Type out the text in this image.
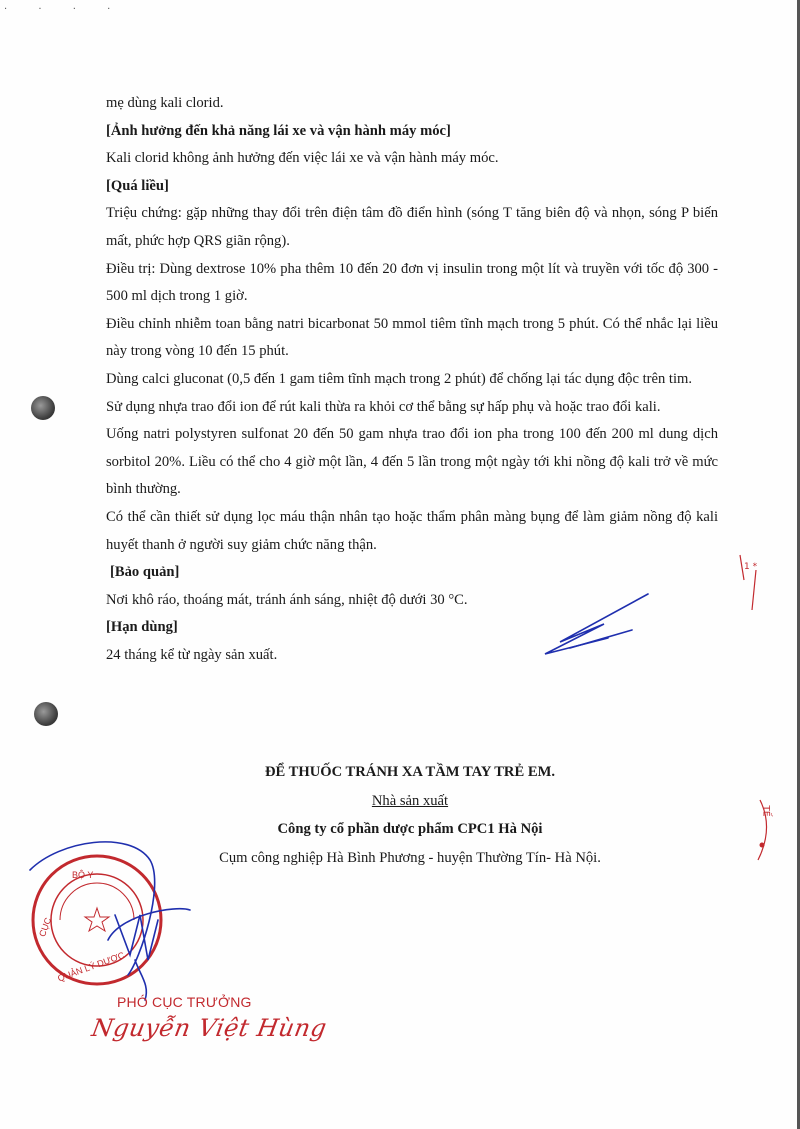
· · · ·

mẹ dùng kali clorid.

[Ảnh hưởng đến khả năng lái xe và vận hành máy móc]

Kali clorid không ảnh hưởng đến việc lái xe và vận hành máy móc.

[Quá liều]

Triệu chứng: gặp những thay đổi trên điện tâm đồ điển hình (sóng T tăng biên độ và nhọn, sóng P biến mất, phức hợp QRS giãn rộng).

Điều trị: Dùng dextrose 10% pha thêm 10 đến 20 đơn vị insulin trong một lít và truyền với tốc độ 300 - 500 ml dịch trong 1 giờ.

Điều chỉnh nhiễm toan bằng natri bicarbonat 50 mmol tiêm tĩnh mạch trong 5 phút. Có thể nhắc lại liều này trong vòng 10 đến 15 phút.

Dùng calci gluconat (0,5 đến 1 gam tiêm tĩnh mạch trong 2 phút) để chống lại tác dụng độc trên tim.

Sử dụng nhựa trao đổi ion để rút kali thừa ra khỏi cơ thể bằng sự hấp phụ và hoặc trao đổi kali.

Uống natri polystyren sulfonat 20 đến 50 gam nhựa trao đổi ion pha trong 100 đến 200 ml dung dịch sorbitol 20%. Liều có thể cho 4 giờ một lần, 4 đến 5 lần trong một ngày tới khi nồng độ kali trở về mức bình thường.

Có thể cần thiết sử dụng lọc máu thận nhân tạo hoặc thẩm phân màng bụng để làm giảm nồng độ kali huyết thanh ở người suy giảm chức năng thận.

[Bảo quản]

Nơi khô ráo, thoáng mát, tránh ánh sáng, nhiệt độ dưới 30 °C.

[Hạn dùng]

24 tháng kể từ ngày sản xuất.

ĐỂ THUỐC TRÁNH XA TẦM TAY TRẺ EM.
Nhà sản xuất
Công ty cổ phần dược phẩm CPC1 Hà Nội
Cụm công nghiệp Hà Bình Phương - huyện Thường Tín- Hà Nội.
BỘ Y
CỤC
QUẢN LÝ DƯỢC
1 *
TẾ
PHÓ CỤC TRƯỞNG
Nguyễn Việt Hùng
